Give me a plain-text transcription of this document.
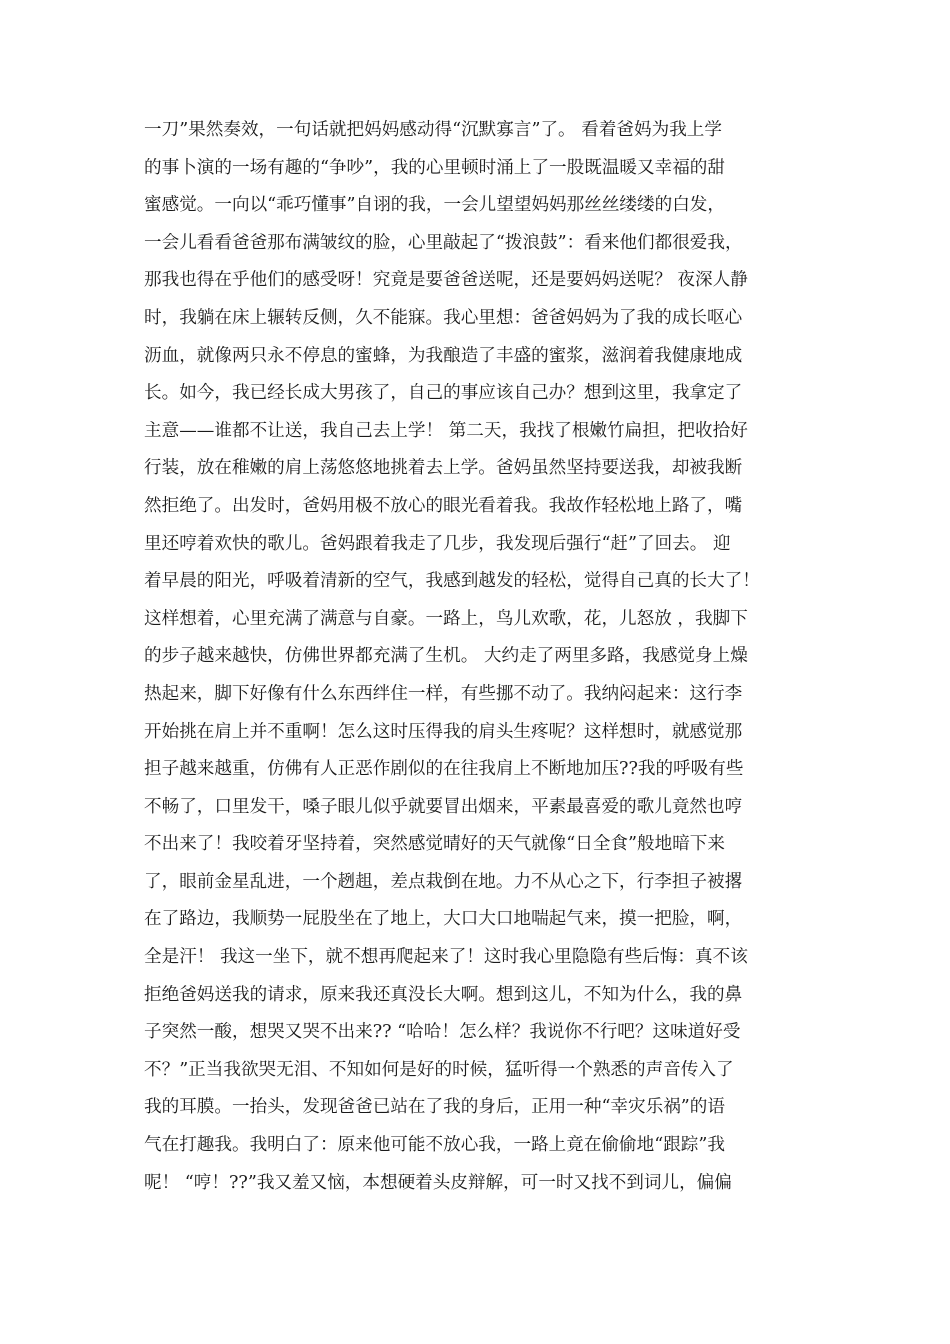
一刀”果然奏效，一句话就把妈妈感动得“沉默寡言”了。 看着爸妈为我上学
的事卜演的一场有趣的“争吵”，我的心里顿时涌上了一股既温暖又幸福的甜
蜜感觉。一向以“乖巧懂事”自诩的我，一会儿望望妈妈那丝丝缕缕的白发，
一会儿看看爸爸那布满皱纹的脸，心里敲起了“拨浪鼓”：看来他们都很爱我，
那我也得在乎他们的感受呀！究竟是要爸爸送呢，还是要妈妈送呢？ 夜深人静
时，我躺在床上辗转反侧，久不能寐。我心里想：爸爸妈妈为了我的成长呕心
沥血，就像两只永不停息的蜜蜂，为我酿造了丰盛的蜜浆，滋润着我健康地成
长。如今，我已经长成大男孩了，自己的事应该自己办？想到这里，我拿定了
主意——谁都不让送，我自己去上学！ 第二天，我找了根嫩竹扁担，把收拾好
行装，放在稚嫩的肩上荡悠悠地挑着去上学。爸妈虽然坚持要送我，却被我断
然拒绝了。出发时，爸妈用极不放心的眼光看着我。我故作轻松地上路了，嘴
里还哼着欢快的歌儿。爸妈跟着我走了几步，我发现后强行“赶”了回去。 迎
着早晨的阳光，呼吸着清新的空气，我感到越发的轻松，觉得自己真的长大了！
这样想着，心里充满了满意与自豪。一路上，鸟儿欢歌，花，儿怒放 ，我脚下
的步子越来越快，仿佛世界都充满了生机。 大约走了两里多路，我感觉身上燥
热起来，脚下好像有什么东西绊住一样，有些挪不动了。我纳闷起来：这行李
开始挑在肩上并不重啊！怎么这时压得我的肩头生疼呢？这样想时，就感觉那
担子越来越重，仿佛有人正恶作剧似的在往我肩上不断地加压??我的呼吸有些
不畅了，口里发干，嗓子眼儿似乎就要冒出烟来，平素最喜爱的歌儿竟然也哼
不出来了！我咬着牙坚持着，突然感觉晴好的天气就像“日全食”般地暗下来
了，眼前金星乱进，一个趔趄，差点栽倒在地。力不从心之下，行李担子被撂
在了路边，我顺势一屁股坐在了地上，大口大口地喘起气来，摸一把脸，啊，
全是汗！ 我这一坐下，就不想再爬起来了！这时我心里隐隐有些后悔：真不该
拒绝爸妈送我的请求，原来我还真没长大啊。想到这儿，不知为什么，我的鼻
子突然一酸，想哭又哭不出来?? “哈哈！怎么样？我说你不行吧？这味道好受
不？”正当我欲哭无泪、不知如何是好的时候，猛听得一个熟悉的声音传入了
我的耳膜。一抬头，发现爸爸已站在了我的身后，正用一种“幸灾乐祸”的语
气在打趣我。我明白了：原来他可能不放心我，一路上竟在偷偷地“跟踪”我
呢！ “哼！??”我又羞又恼，本想硬着头皮辩解，可一时又找不到词儿，偏偏
